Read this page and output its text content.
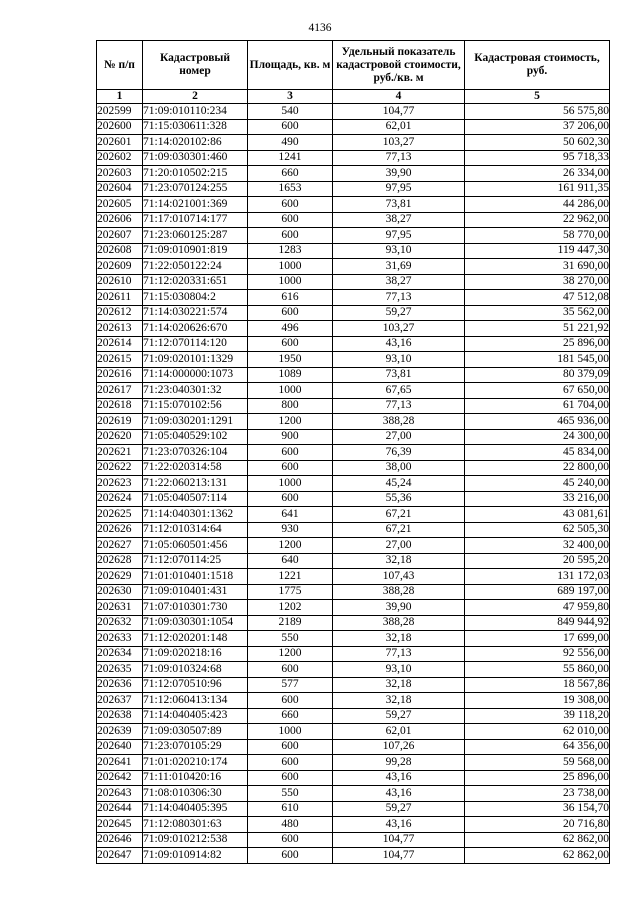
4136
№ п/п	Кадастровый номер	Площадь, кв. м	Удельный показатель кадастровой стоимости, руб./кв. м	Кадастровая стоимость, руб.
1	2	3	4	5
202599	71:09:010110:234	540	104,77	56 575,80
202600	71:15:030611:328	600	62,01	37 206,00
202601	71:14:020102:86	490	103,27	50 602,30
202602	71:09:030301:460	1241	77,13	95 718,33
202603	71:20:010502:215	660	39,90	26 334,00
202604	71:23:070124:255	1653	97,95	161 911,35
202605	71:14:021001:369	600	73,81	44 286,00
202606	71:17:010714:177	600	38,27	22 962,00
202607	71:23:060125:287	600	97,95	58 770,00
202608	71:09:010901:819	1283	93,10	119 447,30
202609	71:22:050122:24	1000	31,69	31 690,00
202610	71:12:020331:651	1000	38,27	38 270,00
202611	71:15:030804:2	616	77,13	47 512,08
202612	71:14:030221:574	600	59,27	35 562,00
202613	71:14:020626:670	496	103,27	51 221,92
202614	71:12:070114:120	600	43,16	25 896,00
202615	71:09:020101:1329	1950	93,10	181 545,00
202616	71:14:000000:1073	1089	73,81	80 379,09
202617	71:23:040301:32	1000	67,65	67 650,00
202618	71:15:070102:56	800	77,13	61 704,00
202619	71:09:030201:1291	1200	388,28	465 936,00
202620	71:05:040529:102	900	27,00	24 300,00
202621	71:23:070326:104	600	76,39	45 834,00
202622	71:22:020314:58	600	38,00	22 800,00
202623	71:22:060213:131	1000	45,24	45 240,00
202624	71:05:040507:114	600	55,36	33 216,00
202625	71:14:040301:1362	641	67,21	43 081,61
202626	71:12:010314:64	930	67,21	62 505,30
202627	71:05:060501:456	1200	27,00	32 400,00
202628	71:12:070114:25	640	32,18	20 595,20
202629	71:01:010401:1518	1221	107,43	131 172,03
202630	71:09:010401:431	1775	388,28	689 197,00
202631	71:07:010301:730	1202	39,90	47 959,80
202632	71:09:030301:1054	2189	388,28	849 944,92
202633	71:12:020201:148	550	32,18	17 699,00
202634	71:09:020218:16	1200	77,13	92 556,00
202635	71:09:010324:68	600	93,10	55 860,00
202636	71:12:070510:96	577	32,18	18 567,86
202637	71:12:060413:134	600	32,18	19 308,00
202638	71:14:040405:423	660	59,27	39 118,20
202639	71:09:030507:89	1000	62,01	62 010,00
202640	71:23:070105:29	600	107,26	64 356,00
202641	71:01:020210:174	600	99,28	59 568,00
202642	71:11:010420:16	600	43,16	25 896,00
202643	71:08:010306:30	550	43,16	23 738,00
202644	71:14:040405:395	610	59,27	36 154,70
202645	71:12:080301:63	480	43,16	20 716,80
202646	71:09:010212:538	600	104,77	62 862,00
202647	71:09:010914:82	600	104,77	62 862,00
